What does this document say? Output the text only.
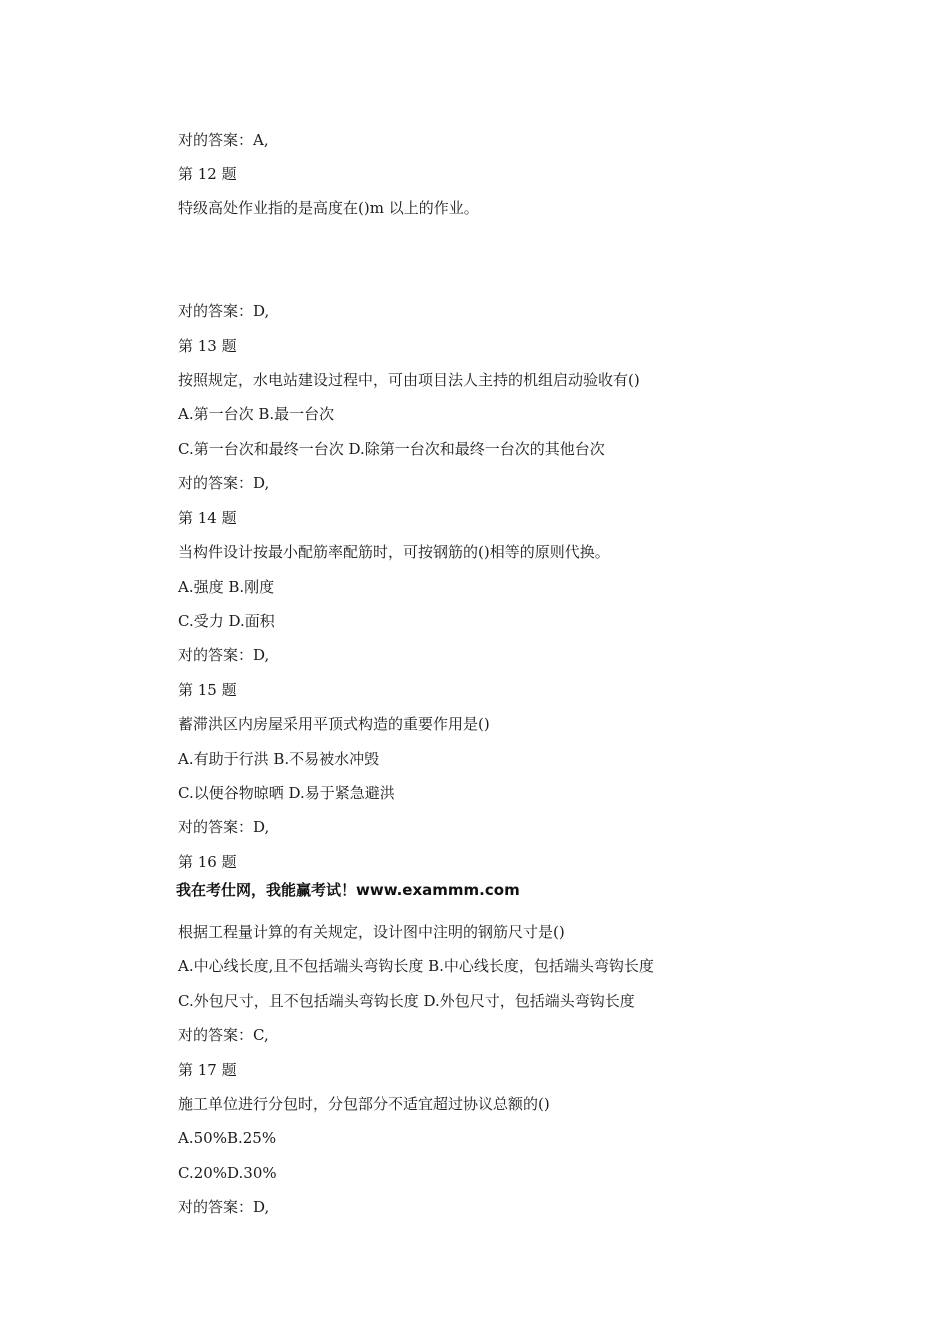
对的答案：A,
第 12 题
特级高处作业指的是高度在()m 以上的作业。
对的答案：D,
第 13 题
按照规定，水电站建设过程中，可由项目法人主持的机组启动验收有()
A.第一台次 B.最一台次
C.第一台次和最终一台次 D.除第一台次和最终一台次的其他台次
对的答案：D,
第 14 题
当构件设计按最小配筋率配筋时，可按钢筋的()相等的原则代换。
A.强度 B.刚度
C.受力 D.面积
对的答案：D,
第 15 题
蓄滞洪区内房屋采用平顶式构造的重要作用是()
A.有助于行洪 B.不易被水冲毁
C.以便谷物晾晒 D.易于紧急避洪
对的答案：D,
第 16 题
我在考仕网，我能赢考试！www.exammm.com
根据工程量计算的有关规定，设计图中注明的钢筋尺寸是()
A.中心线长度,且不包括端头弯钩长度 B.中心线长度，包括端头弯钩长度
C.外包尺寸，且不包括端头弯钩长度 D.外包尺寸，包括端头弯钩长度
对的答案：C,
第 17 题
施工单位进行分包时，分包部分不适宜超过协议总额的()
A.50%B.25%
C.20%D.30%
对的答案：D,
